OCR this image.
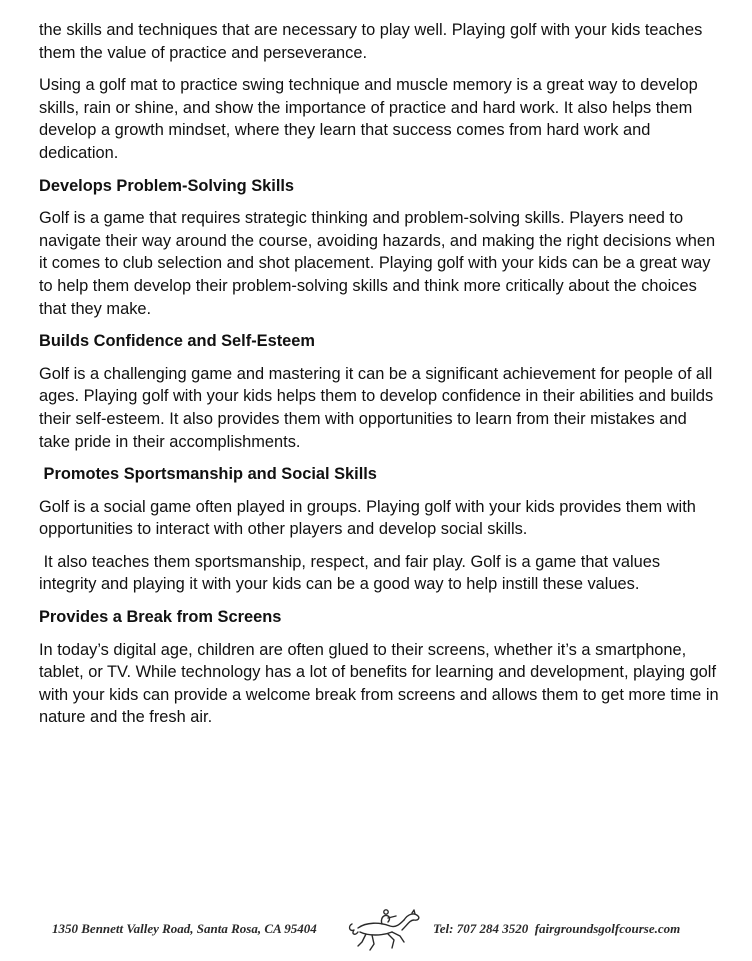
the skills and techniques that are necessary to play well. Playing golf with your kids teaches them the value of practice and perseverance.

Using a golf mat to practice swing technique and muscle memory is a great way to develop skills, rain or shine, and show the importance of practice and hard work. It also helps them develop a growth mindset, where they learn that success comes from hard work and dedication.

Develops Problem-Solving Skills

Golf is a game that requires strategic thinking and problem-solving skills. Players need to navigate their way around the course, avoiding hazards, and making the right decisions when it comes to club selection and shot placement. Playing golf with your kids can be a great way to help them develop their problem-solving skills and think more critically about the choices that they make.

Builds Confidence and Self-Esteem

Golf is a challenging game and mastering it can be a significant achievement for people of all ages. Playing golf with your kids helps them to develop confidence in their abilities and builds their self-esteem. It also provides them with opportunities to learn from their mistakes and take pride in their accomplishments.

Promotes Sportsmanship and Social Skills

Golf is a social game often played in groups. Playing golf with your kids provides them with opportunities to interact with other players and develop social skills.

It also teaches them sportsmanship, respect, and fair play. Golf is a game that values integrity and playing it with your kids can be a good way to help instill these values.

Provides a Break from Screens

In today’s digital age, children are often glued to their screens, whether it’s a smartphone, tablet, or TV. While technology has a lot of benefits for learning and development, playing golf with your kids can provide a welcome break from screens and allows them to get more time in nature and the fresh air.

1350 Bennett Valley Road, Santa Rosa, CA 95404	Tel: 707 284 3520  fairgroundsgolfcourse.com
